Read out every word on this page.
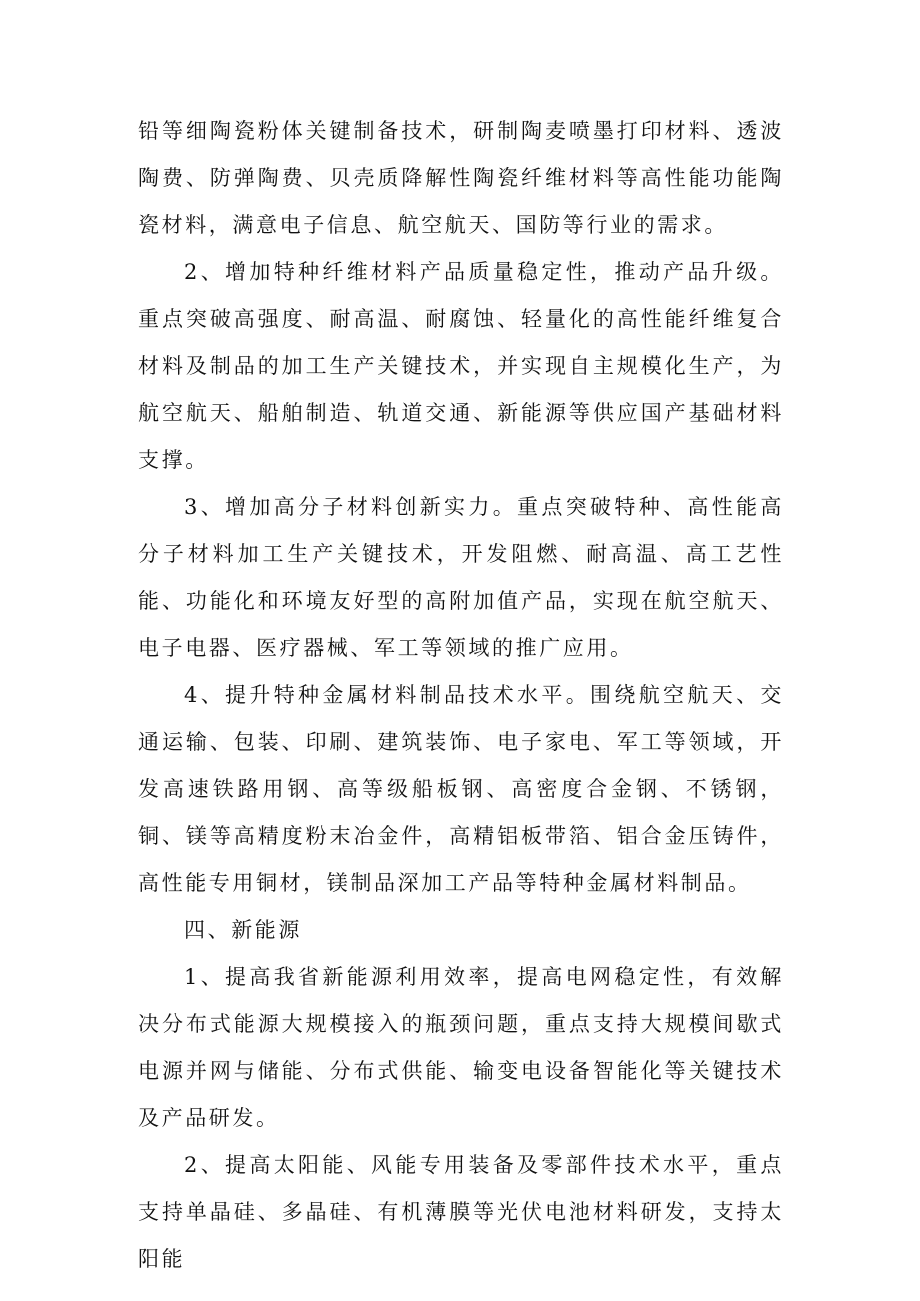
铅等细陶瓷粉体关键制备技术，研制陶麦喷墨打印材料、透波陶费、防弹陶费、贝壳质降解性陶瓷纤维材料等高性能功能陶瓷材料，满意电子信息、航空航天、国防等行业的需求。

2、增加特种纤维材料产品质量稳定性，推动产品升级。重点突破高强度、耐高温、耐腐蚀、轻量化的高性能纤维复合材料及制品的加工生产关键技术，并实现自主规模化生产，为航空航天、船舶制造、轨道交通、新能源等供应国产基础材料支撑。

3、增加高分子材料创新实力。重点突破特种、高性能高分子材料加工生产关键技术，开发阻燃、耐高温、高工艺性能、功能化和环境友好型的高附加值产品，实现在航空航天、电子电器、医疗器械、军工等领域的推广应用。

4、提升特种金属材料制品技术水平。围绕航空航天、交通运输、包装、印刷、建筑装饰、电子家电、军工等领域，开发高速铁路用钢、高等级船板钢、高密度合金钢、不锈钢，铜、镁等高精度粉末冶金件，高精铝板带箔、铝合金压铸件，高性能专用铜材，镁制品深加工产品等特种金属材料制品。

四、新能源

1、提高我省新能源利用效率，提高电网稳定性，有效解决分布式能源大规模接入的瓶颈问题，重点支持大规模间歇式电源并网与储能、分布式供能、输变电设备智能化等关键技术及产品研发。

2、提高太阳能、风能专用装备及零部件技术水平，重点支持单晶硅、多晶硅、有机薄膜等光伏电池材料研发，支持太阳能
